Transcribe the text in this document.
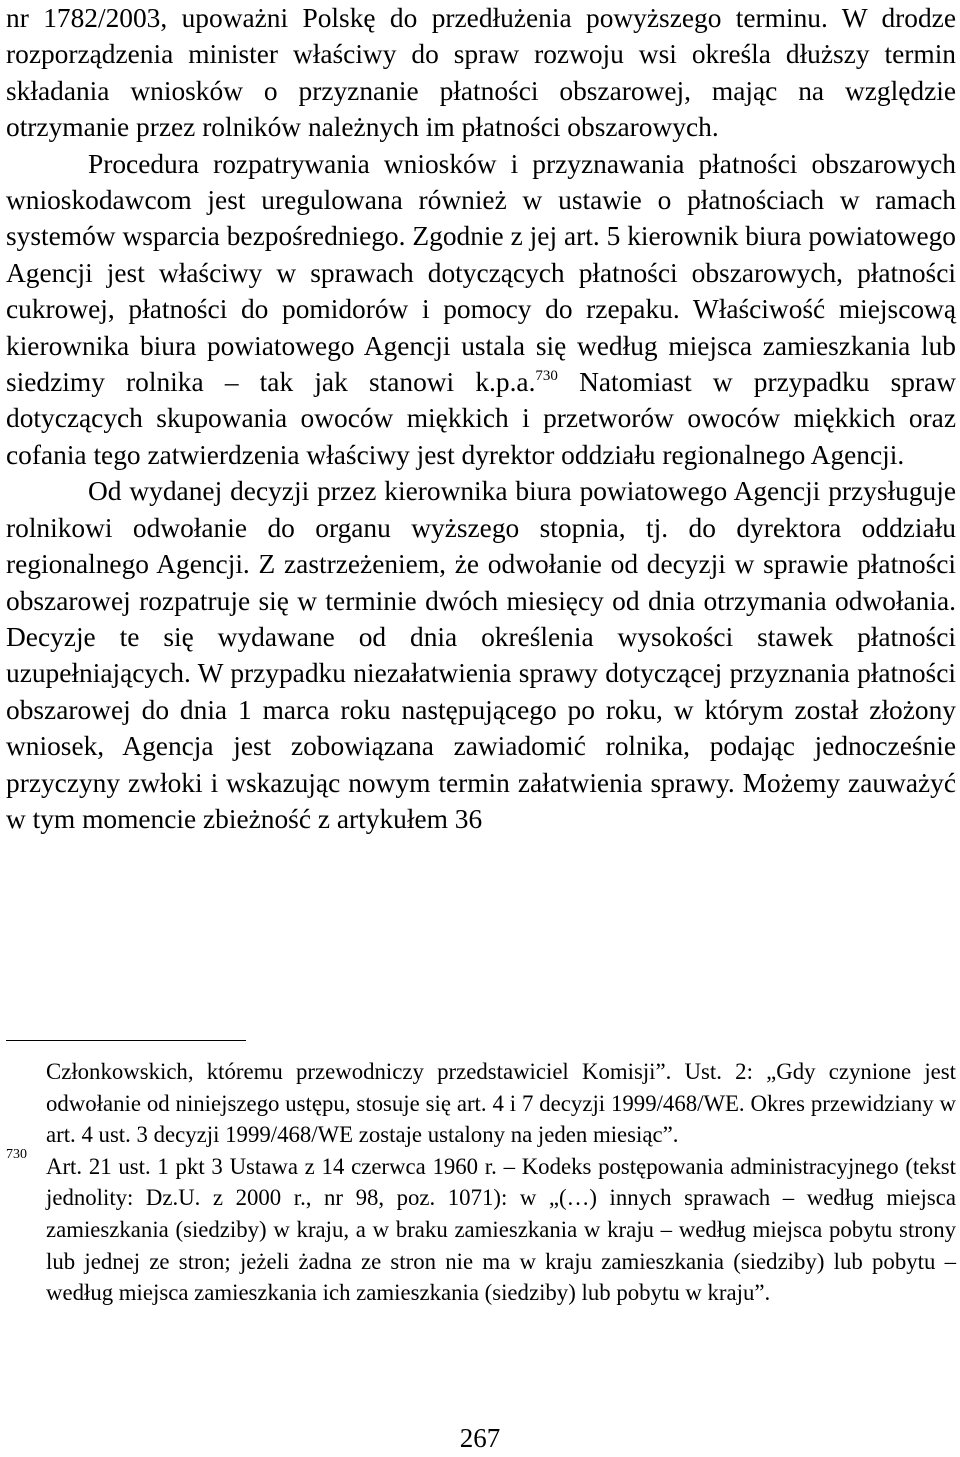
nr 1782/2003, upoważni Polskę do przedłużenia powyższego terminu. W drodze rozporządzenia minister właściwy do spraw rozwoju wsi określa dłuższy termin składania wniosków o przyznanie płatności obszarowej, mając na względzie otrzymanie przez rolników należnych im płatności obszarowych.

Procedura rozpatrywania wniosków i przyznawania płatności obszarowych wnioskodawcom jest uregulowana również w ustawie o płatnościach w ramach systemów wsparcia bezpośredniego. Zgodnie z jej art. 5 kierownik biura powiatowego Agencji jest właściwy w sprawach dotyczących płatności obszarowych, płatności cukrowej, płatności do pomidorów i pomocy do rzepaku. Właściwość miejscową kierownika biura powiatowego Agencji ustala się według miejsca zamieszkania lub siedzimy rolnika – tak jak stanowi k.p.a.$^{730}$ Natomiast w przypadku spraw dotyczących skupowania owoców miękkich i przetworów owoców miękkich oraz cofania tego zatwierdzenia właściwy jest dyrektor oddziału regionalnego Agencji.

Od wydanej decyzji przez kierownika biura powiatowego Agencji przysługuje rolnikowi odwołanie do organu wyższego stopnia, tj. do dyrektora oddziału regionalnego Agencji. Z zastrzeżeniem, że odwołanie od decyzji w sprawie płatności obszarowej rozpatruje się w terminie dwóch miesięcy od dnia otrzymania odwołania. Decyzje te się wydawane od dnia określenia wysokości stawek płatności uzupełniających. W przypadku niezałatwienia sprawy dotyczącej przyznania płatności obszarowej do dnia 1 marca roku następującego po roku, w którym został złożony wniosek, Agencja jest zobowiązana zawiadomić rolnika, podając jednocześnie przyczyny zwłoki i wskazując nowym termin załatwienia sprawy. Możemy zauważyć w tym momencie zbieżność z artykułem 36

Członkowskich, któremu przewodniczy przedstawiciel Komisji”. Ust. 2: „Gdy czynione jest odwołanie od niniejszego ustępu, stosuje się art. 4 i 7 decyzji 1999/468/WE. Okres przewidziany w art. 4 ust. 3 decyzji 1999/468/WE zostaje ustalony na jeden miesiąc”.
730 Art. 21 ust. 1 pkt 3 Ustawa z 14 czerwca 1960 r. – Kodeks postępowania administracyjnego (tekst jednolity: Dz.U. z 2000 r., nr 98, poz. 1071): w „(…) innych sprawach – według miejsca zamieszkania (siedziby) w kraju, a w braku zamieszkania w kraju – według miejsca pobytu strony lub jednej ze stron; jeżeli żadna ze stron nie ma w kraju zamieszkania (siedziby) lub pobytu – według miejsca zamieszkania ich zamieszkania (siedziby) lub pobytu w kraju”.
267
